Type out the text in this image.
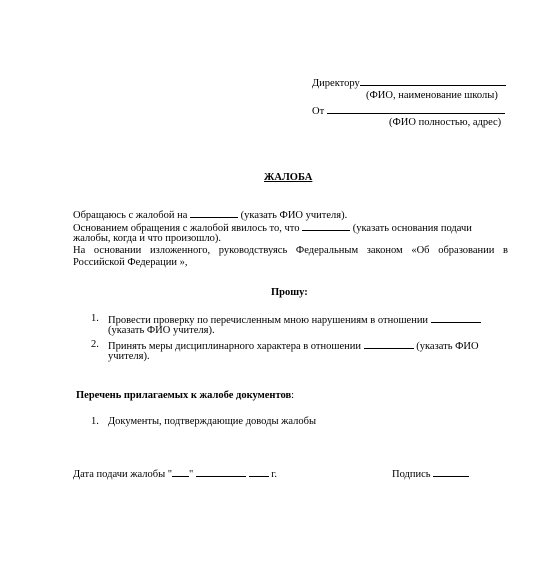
Директору
(ФИО, наименование школы)
От
(ФИО полностью, адрес)
ЖАЛОБА
Обращаюсь с жалобой на	(указать ФИО учителя).
Основанием обращения с жалобой явилось то, что	(указать основания подачи
жалобы, когда и что произошло).
На основании изложенного, руководствуясь Федеральным законом «Об образовании в
Российской Федерации »,
Прошу:
1. Провести проверку по перечисленным мною нарушениям в отношении
(указать ФИО учителя).
2. Принять меры дисциплинарного характера в отношении	(указать ФИО
учителя).
Перечень прилагаемых к жалобе документов:
1. Документы, подтверждающие доводы жалобы
Дата подачи жалобы " "	г.	Подпись
